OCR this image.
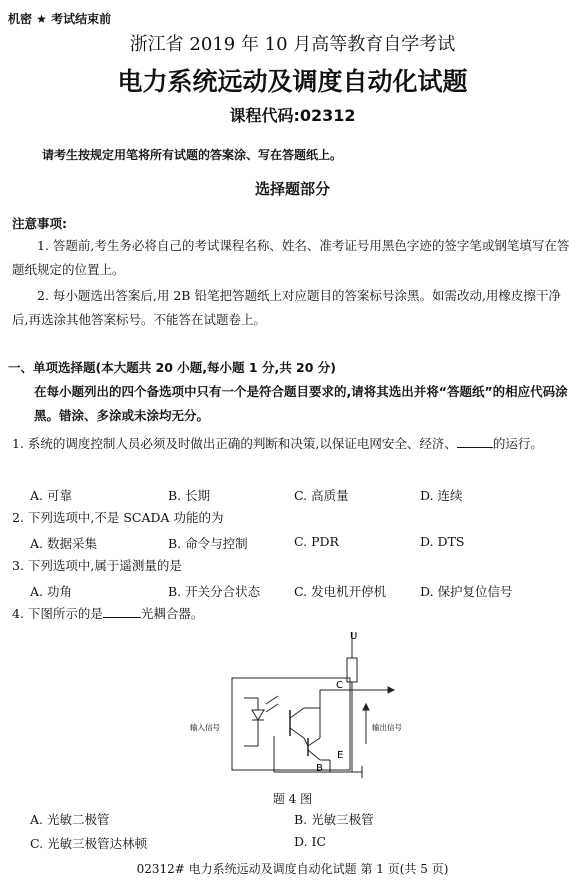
机密 ★ 考试结束前
浙江省 2019 年 10 月高等教育自学考试
电力系统远动及调度自动化试题
课程代码:02312
请考生按规定用笔将所有试题的答案涂、写在答题纸上。
选择题部分
注意事项:
1. 答题前,考生务必将自己的考试课程名称、姓名、准考证号用黑色字迹的签字笔或钢笔填写在答题纸规定的位置上。
2. 每小题选出答案后,用 2B 铅笔把答题纸上对应题目的答案标号涂黑。如需改动,用橡皮擦干净后,再选涂其他答案标号。不能答在试题卷上。
一、单项选择题(本大题共 20 小题,每小题 1 分,共 20 分)
在每小题列出的四个备选项中只有一个是符合题目要求的,请将其选出并将“答题纸”的相应代码涂黑。错涂、多涂或未涂均无分。
1. 系统的调度控制人员必须及时做出正确的判断和决策,以保证电网安全、经济、	的运行。
A. 可靠	B. 长期	C. 高质量	D. 连续
2. 下列选项中,不是 SCADA 功能的为
A. 数据采集	B. 命令与控制	C. PDR	D. DTS
3. 下列选项中,属于遥测量的是
A. 功角	B. 开关分合状态	C. 发电机开停机	D. 保护复位信号
4. 下图所示的是	光耦合器。
U
C
B
E
输入信号	输出信号
题 4 图
A. 光敏二极管	B. 光敏三极管
C. 光敏三极管达林顿	D. IC
02312# 电力系统远动及调度自动化试题 第 1 页(共 5 页)
